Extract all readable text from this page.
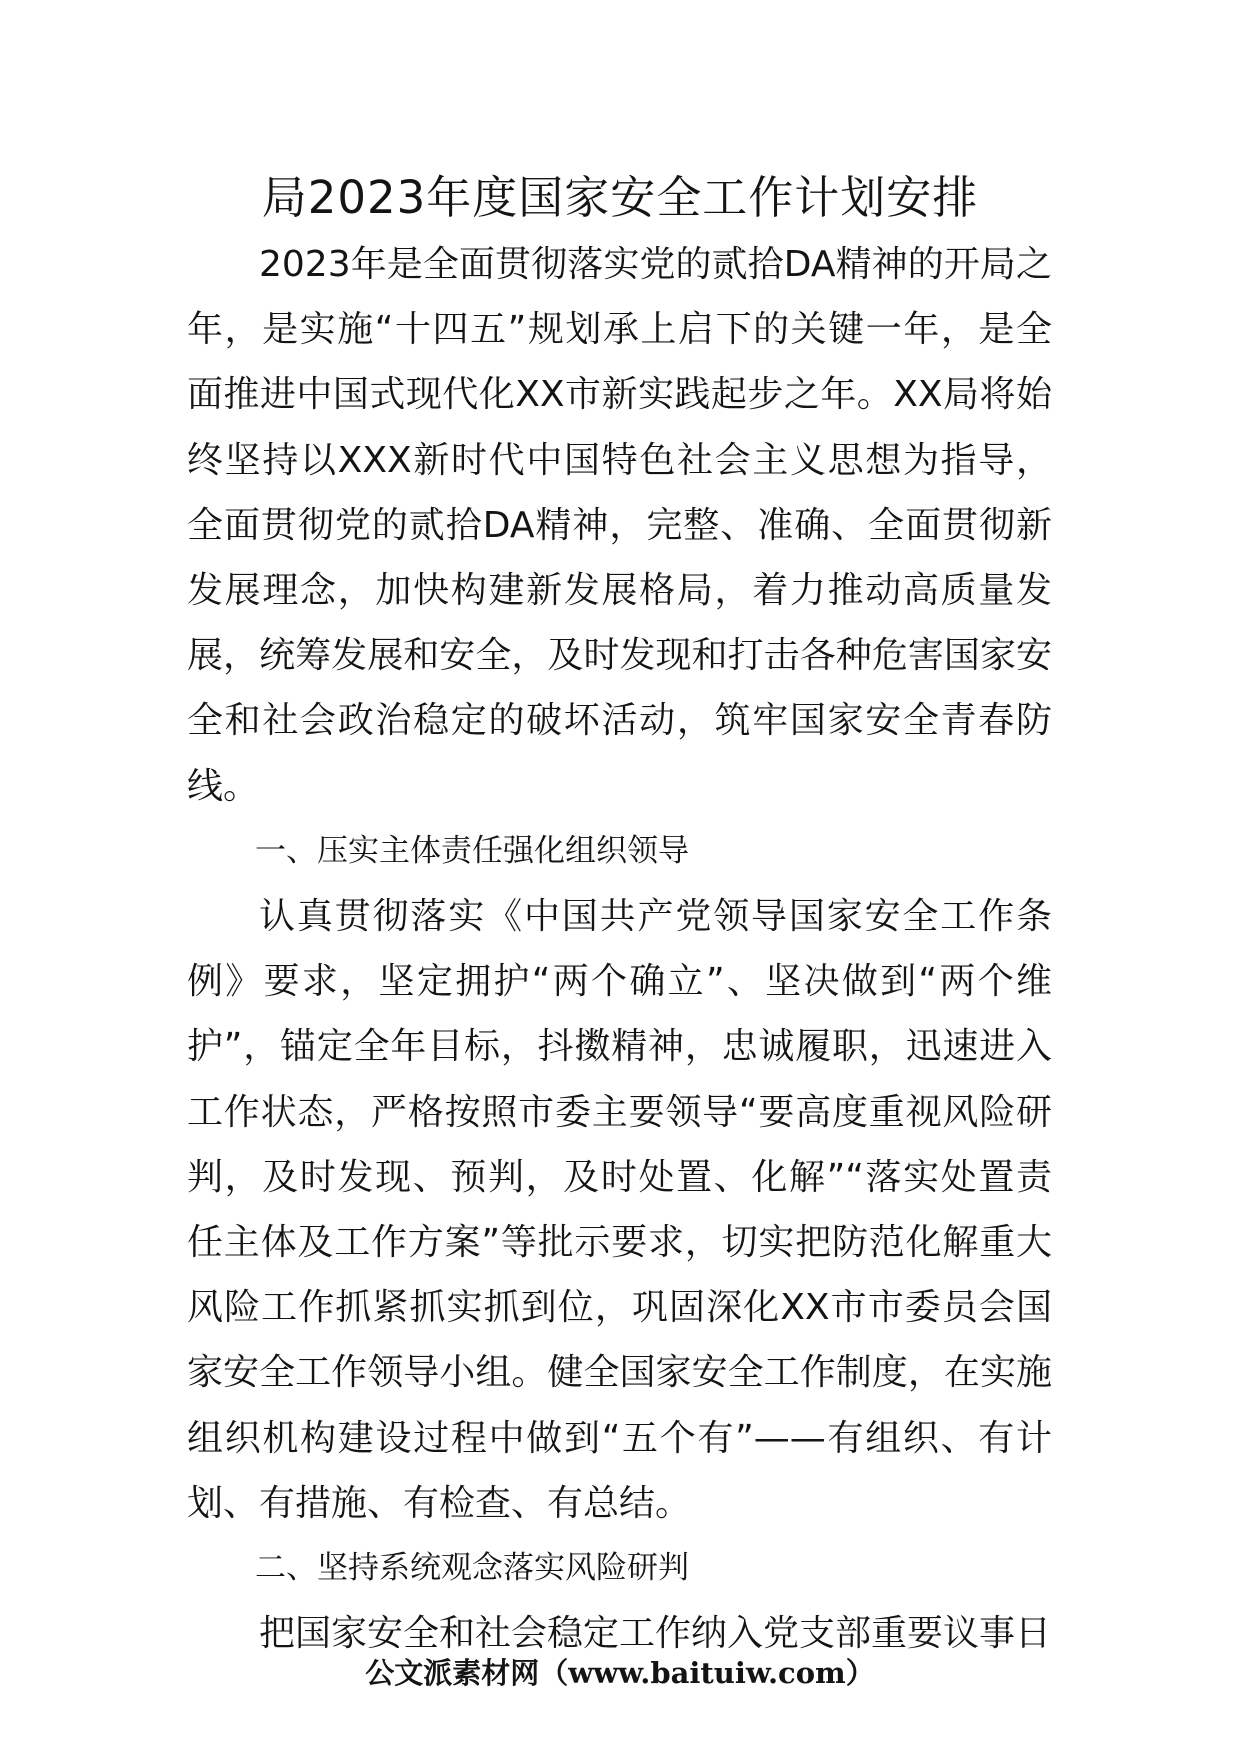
局2023年度国家安全工作计划安排

2023年是全面贯彻落实党的贰拾DA精神的开局之年，是实施“十四五”规划承上启下的关键一年，是全面推进中国式现代化XX市新实践起步之年。XX局将始终坚持以XXX新时代中国特色社会主义思想为指导，全面贯彻党的贰拾DA精神，完整、准确、全面贯彻新发展理念，加快构建新发展格局，着力推动高质量发展，统筹发展和安全，及时发现和打击各种危害国家安全和社会政治稳定的破坏活动，筑牢国家安全青春防线。

一、压实主体责任强化组织领导

认真贯彻落实《中国共产党领导国家安全工作条例》要求，坚定拥护“两个确立”、坚决做到“两个维护”，锚定全年目标，抖擞精神，忠诚履职，迅速进入工作状态，严格按照市委主要领导“要高度重视风险研判，及时发现、预判，及时处置、化解”“落实处置责任主体及工作方案”等批示要求，切实把防范化解重大风险工作抓紧抓实抓到位，巩固深化XX市市委员会国家安全工作领导小组。健全国家安全工作制度，在实施组织机构建设过程中做到“五个有”——有组织、有计划、有措施、有检查、有总结。

二、坚持系统观念落实风险研判

把国家安全和社会稳定工作纳入党支部重要议事日

公文派素材网（www.baituiw.com）
